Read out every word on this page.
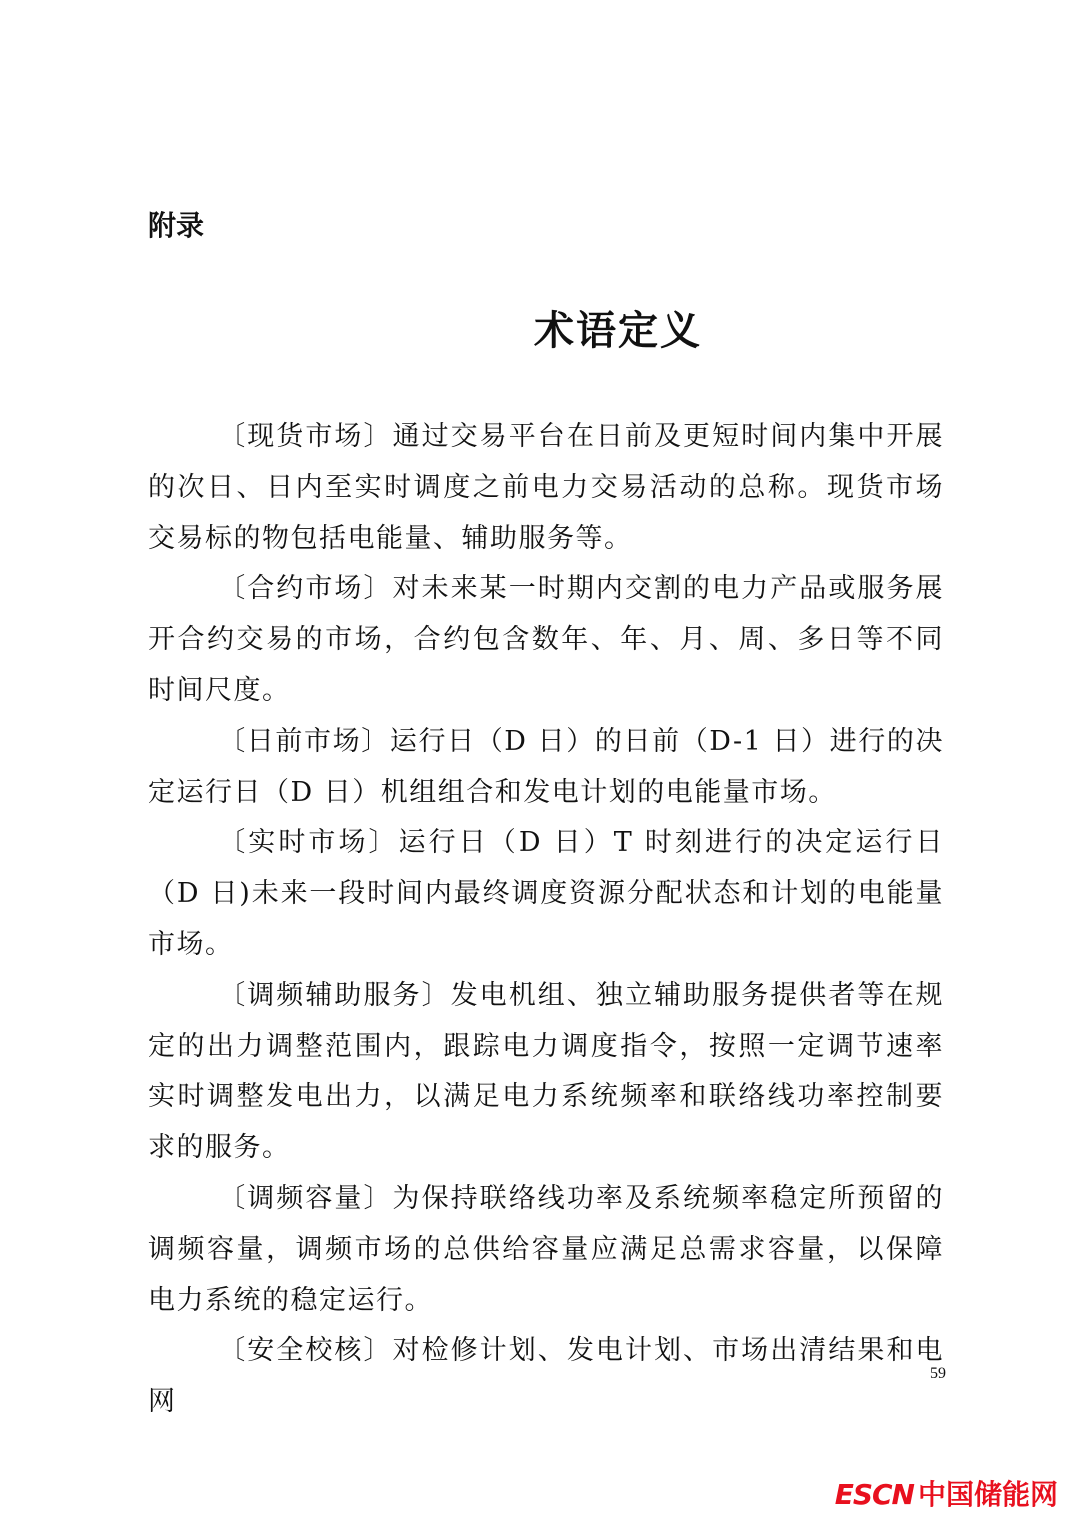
附录
术语定义

〔现货市场〕通过交易平台在日前及更短时间内集中开展的次日、日内至实时调度之前电力交易活动的总称。现货市场交易标的物包括电能量、辅助服务等。

〔合约市场〕对未来某一时期内交割的电力产品或服务展开合约交易的市场，合约包含数年、年、月、周、多日等不同时间尺度。

〔日前市场〕运行日（D 日）的日前（D-1 日）进行的决定运行日（D 日）机组组合和发电计划的电能量市场。

〔实时市场〕运行日（D 日）T 时刻进行的决定运行日（D 日)未来一段时间内最终调度资源分配状态和计划的电能量市场。

〔调频辅助服务〕发电机组、独立辅助服务提供者等在规定的出力调整范围内，跟踪电力调度指令，按照一定调节速率实时调整发电出力，以满足电力系统频率和联络线功率控制要求的服务。

〔调频容量〕为保持联络线功率及系统频率稳定所预留的调频容量，调频市场的总供给容量应满足总需求容量，以保障电力系统的稳定运行。

〔安全校核〕对检修计划、发电计划、市场出清结果和电网

59
ESCN 中国储能网
